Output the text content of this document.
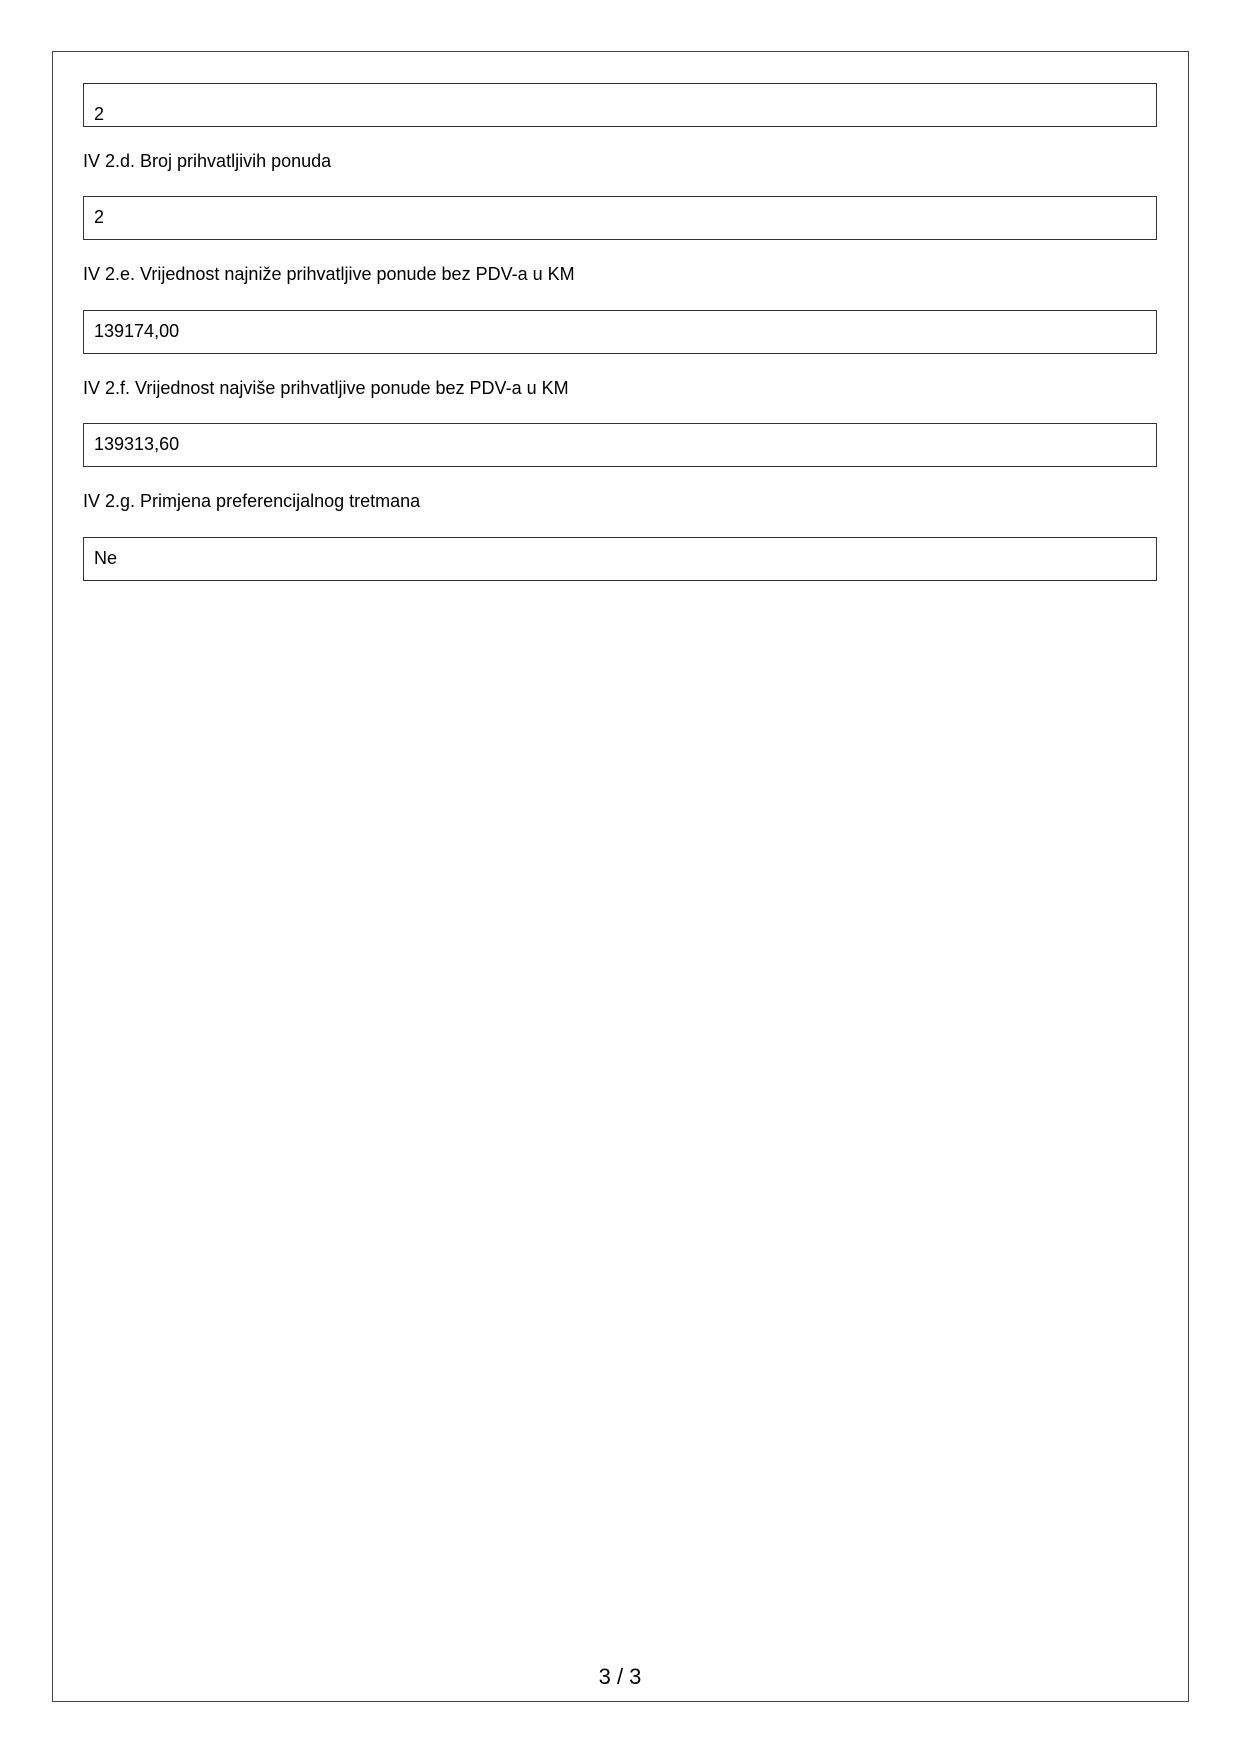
2
IV 2.d. Broj prihvatljivih ponuda
2
IV 2.e. Vrijednost najniže prihvatljive ponude bez PDV-a u KM
139174,00
IV 2.f. Vrijednost najviše prihvatljive ponude bez PDV-a u KM
139313,60
IV 2.g. Primjena preferencijalnog tretmana
Ne
3 / 3
